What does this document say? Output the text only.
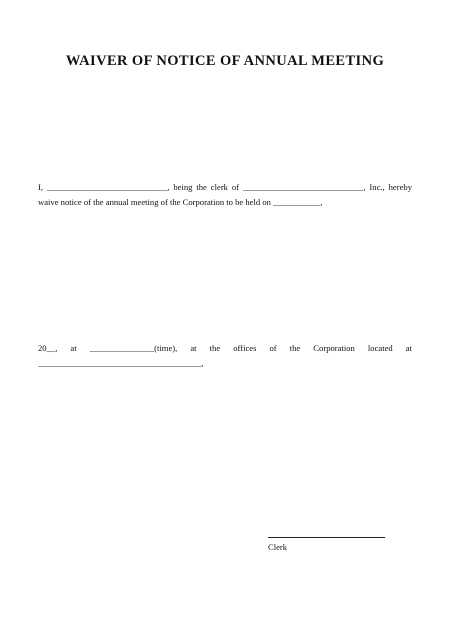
WAIVER OF NOTICE OF ANNUAL MEETING
I, ____________________________, being the clerk of ____________________________, Inc., hereby
waive notice of the annual meeting of the Corporation to be held on ___________,
20__, at _______________(time), at the offices of the Corporation located at
______________________________________,
Clerk
